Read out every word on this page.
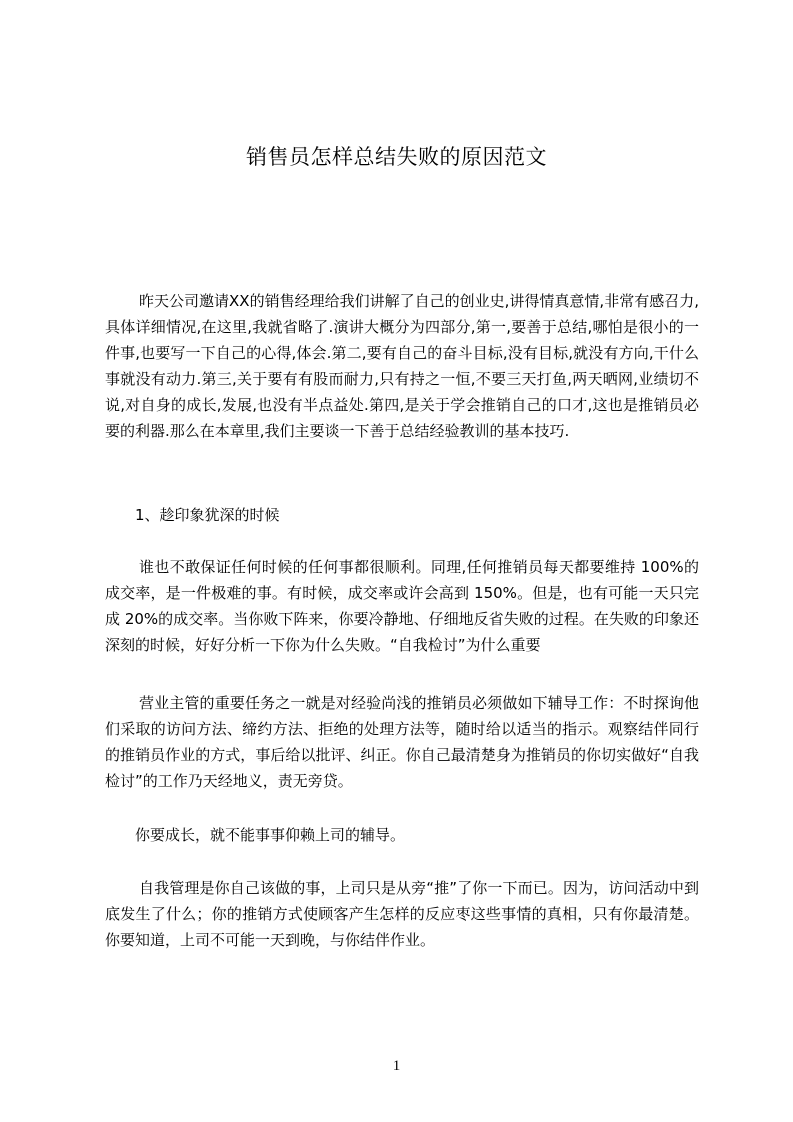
销售员怎样总结失败的原因范文
昨天公司邀请XX的销售经理给我们讲解了自己的创业史,讲得情真意情,非常有感召力,具体详细情况,在这里,我就省略了.演讲大概分为四部分,第一,要善于总结,哪怕是很小的一件事,也要写一下自己的心得,体会.第二,要有自己的奋斗目标,没有目标,就没有方向,干什么事就没有动力.第三,关于要有有股而耐力,只有持之一恒,不要三天打鱼,两天晒网,业绩切不说,对自身的成长,发展,也没有半点益处.第四,是关于学会推销自己的口才,这也是推销员必要的利器.那么在本章里,我们主要谈一下善于总结经验教训的基本技巧.
1、趁印象犹深的时候
谁也不敢保证任何时候的任何事都很顺利。同理,任何推销员每天都要维持 100%的成交率，是一件极难的事。有时候，成交率或许会高到 150%。但是，也有可能一天只完成 20%的成交率。当你败下阵来，你要冷静地、仔细地反省失败的过程。在失败的印象还深刻的时候，好好分析一下你为什么失败。“自我检讨”为什么重要
营业主管的重要任务之一就是对经验尚浅的推销员必须做如下辅导工作：不时探询他们采取的访问方法、缔约方法、拒绝的处理方法等，随时给以适当的指示。观察结伴同行的推销员作业的方式，事后给以批评、纠正。你自己最清楚身为推销员的你切实做好“自我检讨”的工作乃天经地义，责无旁贷。
你要成长，就不能事事仰赖上司的辅导。
自我管理是你自己该做的事，上司只是从旁“推”了你一下而已。因为，访问活动中到底发生了什么；你的推销方式使顾客产生怎样的反应枣这些事情的真相，只有你最清楚。你要知道，上司不可能一天到晚，与你结伴作业。
1
